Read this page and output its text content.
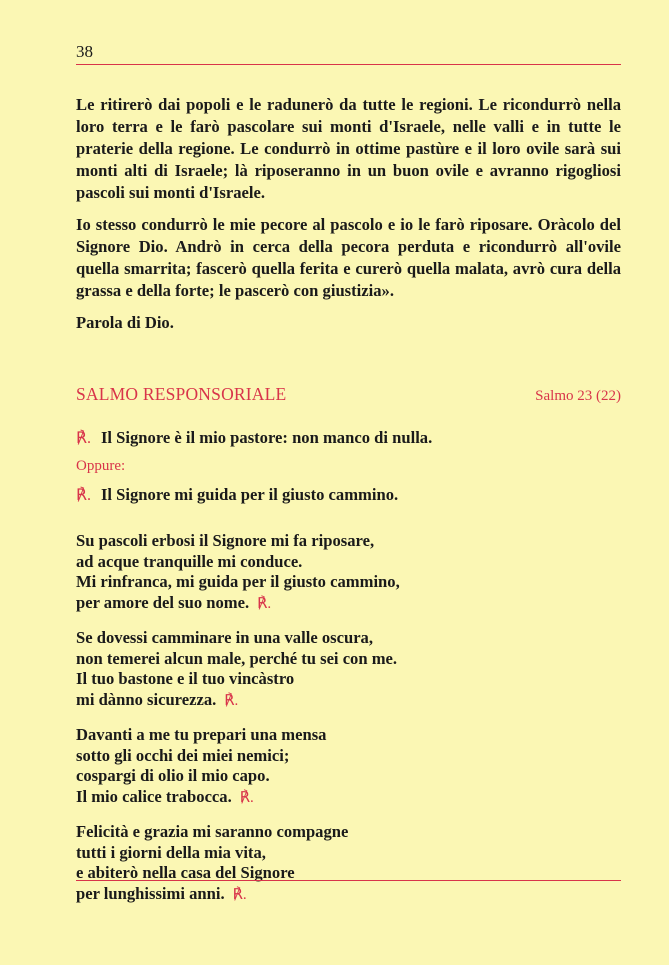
38

Le ritirerò dai popoli e le radunerò da tutte le regioni. Le ricondurrò nella loro terra e le farò pascolare sui monti d'Israele, nelle valli e in tutte le praterie della regione. Le condurrò in ottime pastùre e il loro ovile sarà sui monti alti di Israele; là riposeranno in un buon ovile e avranno rigogliosi pascoli sui monti d'Israele.

Io stesso condurrò le mie pecore al pascolo e io le farò riposare. Oràcolo del Signore Dio. Andrò in cerca della pecora perduta e ricondurrò all'ovile quella smarrita; fascerò quella ferita e curerò quella malata, avrò cura della grassa e della forte; le pascerò con giustizia».

Parola di Dio.

SALMO RESPONSORIALE	Salmo 23 (22)
℟. Il Signore è il mio pastore: non manco di nulla.
Oppure:
℟. Il Signore mi guida per il giusto cammino.
Su pascoli erbosi il Signore mi fa riposare,
ad acque tranquille mi conduce.
Mi rinfranca, mi guida per il giusto cammino,
per amore del suo nome. ℟.
Se dovessi camminare in una valle oscura,
non temerei alcun male, perché tu sei con me.
Il tuo bastone e il tuo vincàstro
mi dànno sicurezza. ℟.
Davanti a me tu prepari una mensa
sotto gli occhi dei miei nemici;
cospargi di olio il mio capo.
Il mio calice trabocca. ℟.
Felicità e grazia mi saranno compagne
tutti i giorni della mia vita,
e abiterò nella casa del Signore
per lunghissimi anni. ℟.
